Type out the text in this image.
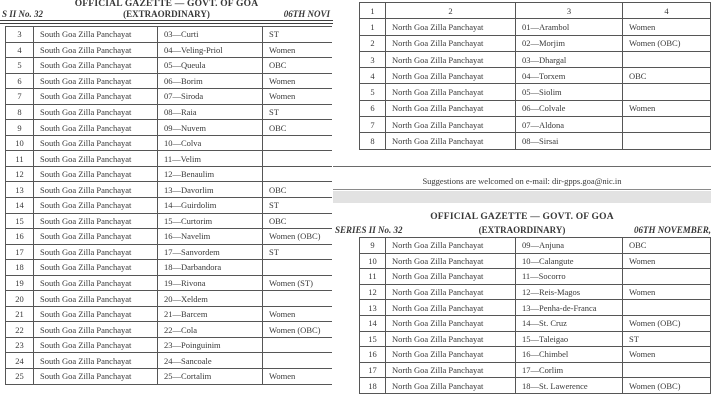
OFFICIAL GAZETTE — GOVT. OF GOA
S II No. 32	(EXTRAORDINARY)	06TH NOVI
3	South Goa Zilla Panchayat	03—Curti	ST
4	South Goa Zilla Panchayat	04—Veling-Priol	Women
5	South Goa Zilla Panchayat	05—Queula	OBC
6	South Goa Zilla Panchayat	06—Borim	Women
7	South Goa Zilla Panchayat	07—Siroda	Women
8	South Goa Zilla Panchayat	08—Raia	ST
9	South Goa Zilla Panchayat	09—Nuvem	OBC
10	South Goa Zilla Panchayat	10—Colva	
11	South Goa Zilla Panchayat	11—Velim	
12	South Goa Zilla Panchayat	12—Benaulim	
13	South Goa Zilla Panchayat	13—Davorlim	OBC
14	South Goa Zilla Panchayat	14—Guirdolim	ST
15	South Goa Zilla Panchayat	15—Curtorim	OBC
16	South Goa Zilla Panchayat	16—Navelim	Women (OBC)
17	South Goa Zilla Panchayat	17—Sanvordem	ST
18	South Goa Zilla Panchayat	18—Darbandora	
19	South Goa Zilla Panchayat	19—Rivona	Women (ST)
20	South Goa Zilla Panchayat	20—Xeldem	
21	South Goa Zilla Panchayat	21—Barcem	Women
22	South Goa Zilla Panchayat	22—Cola	Women (OBC)
23	South Goa Zilla Panchayat	23—Poinguinim	
24	South Goa Zilla Panchayat	24—Sancoale	
25	South Goa Zilla Panchayat	25—Cortalim	Women
1	2	3	4
1	North Goa Zilla Panchayat	01—Arambol	Women
2	North Goa Zilla Panchayat	02—Morjim	Women (OBC)
3	North Goa Zilla Panchayat	03—Dhargal	
4	North Goa Zilla Panchayat	04—Torxem	OBC
5	North Goa Zilla Panchayat	05—Siolim	
6	North Goa Zilla Panchayat	06—Colvale	Women
7	North Goa Zilla Panchayat	07—Aldona	
8	North Goa Zilla Panchayat	08—Sirsai	
Suggestions are welcomed on e-mail: dir-gpps.goa@nic.in
OFFICIAL GAZETTE — GOVT. OF GOA
SERIES II No. 32	(EXTRAORDINARY)	06TH NOVEMBER,
9	North Goa Zilla Panchayat	09—Anjuna	OBC
10	North Goa Zilla Panchayat	10—Calangute	Women
11	North Goa Zilla Panchayat	11—Socorro	
12	North Goa Zilla Panchayat	12—Reis-Magos	Women
13	North Goa Zilla Panchayat	13—Penha-de-Franca	
14	North Goa Zilla Panchayat	14—St. Cruz	Women (OBC)
15	North Goa Zilla Panchayat	15—Taleigao	ST
16	North Goa Zilla Panchayat	16—Chimbel	Women
17	North Goa Zilla Panchayat	17—Corlim	
18	North Goa Zilla Panchayat	18—St. Lawerence	Women (OBC)
